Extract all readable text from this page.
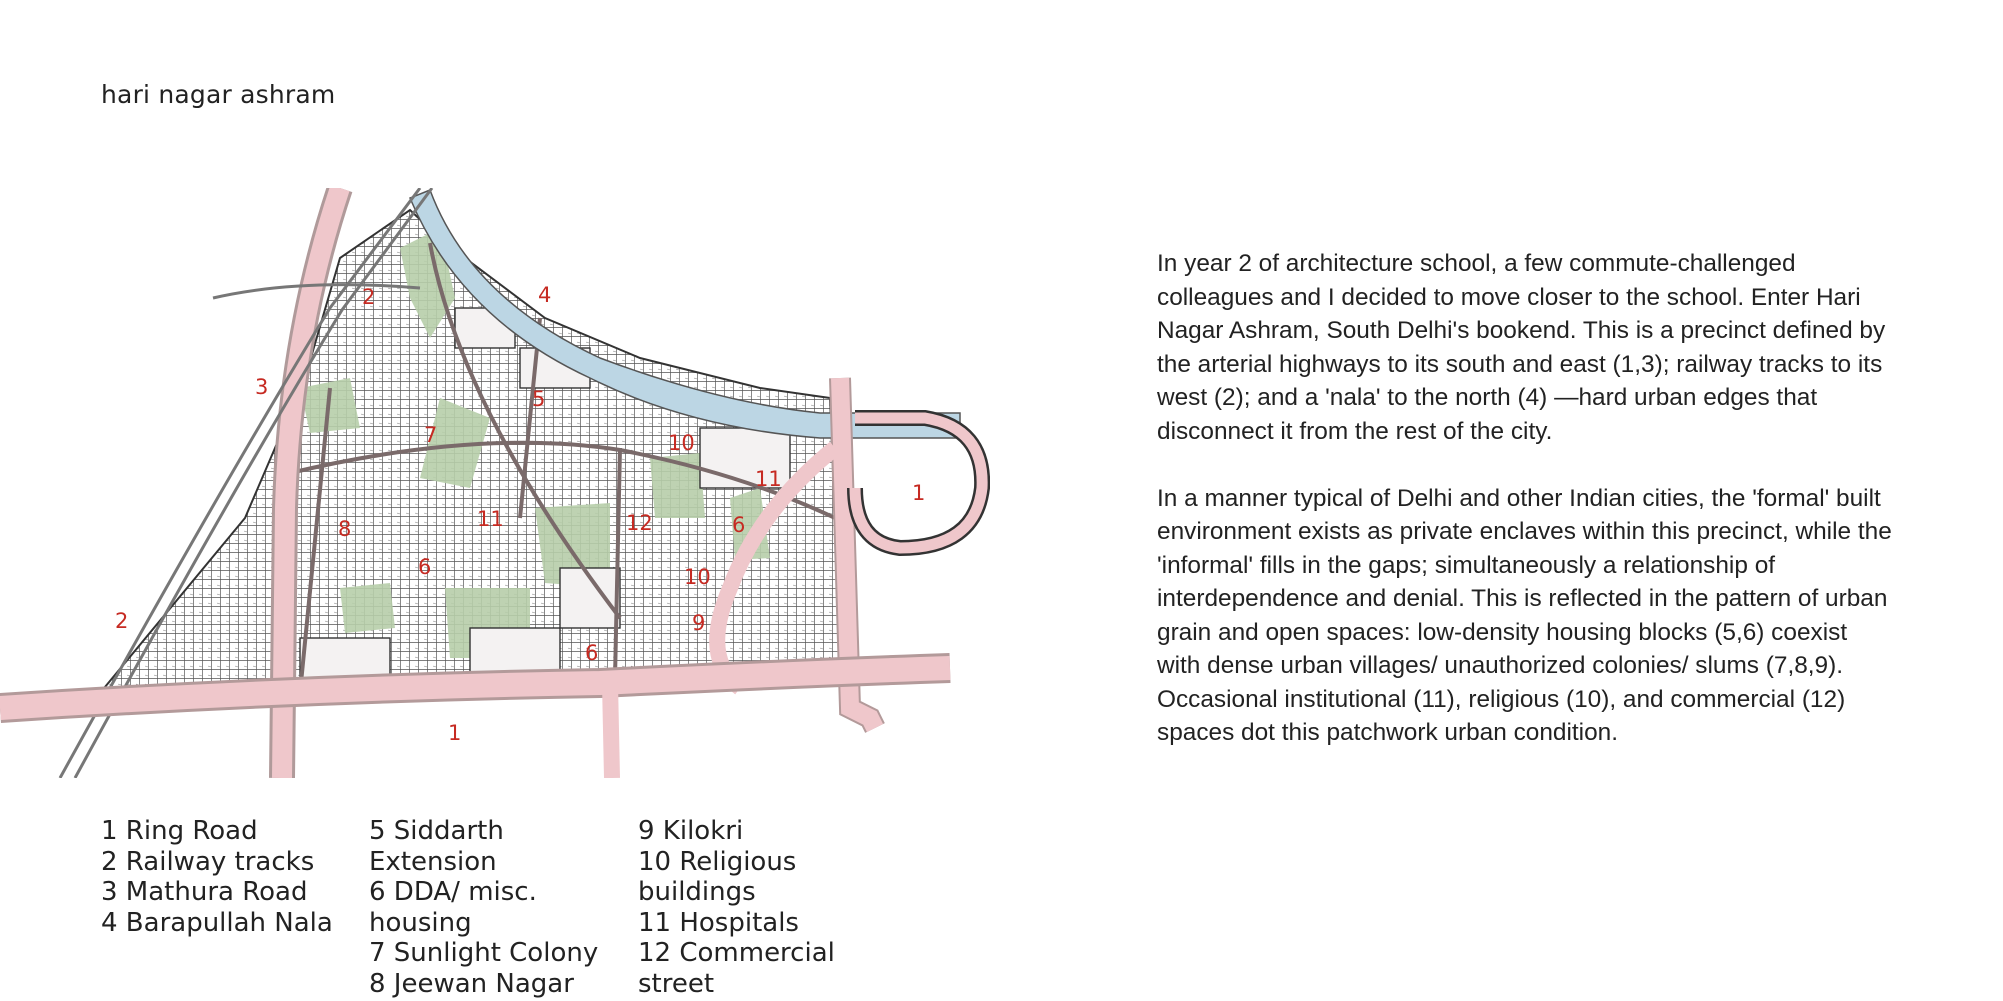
hari nagar ashram
1
1
2
2
3
4
5
6
6
6
7
8
9
10
10
11
11
12
1 Ring Road
2 Railway tracks
3 Mathura Road
4 Barapullah Nala
5 Siddarth Extension
6 DDA/ misc. housing
7 Sunlight Colony
8 Jeewan Nagar
9 Kilokri
10 Religious buildings
11 Hospitals
12 Commercial street

In year 2 of architecture school, a few commute-challenged colleagues and I decided to move closer to the school. Enter Hari Nagar Ashram, South Delhi's bookend. This is a precinct defined by the arterial highways to its south and east (1,3); railway tracks to its west (2); and a 'nala' to the north (4) —hard urban edges that disconnect it from the rest of the city.

In a manner typical of Delhi and other Indian cities, the 'formal' built environment exists as private enclaves within this precinct, while the 'informal' fills in the gaps; simultaneously a relationship of interdependence and denial. This is reflected in the pattern of urban grain and open spaces: low-density housing blocks (5,6) coexist with dense urban villages/ unauthorized colonies/ slums (7,8,9). Occasional institutional (11), religious (10), and commercial (12) spaces dot this patchwork urban condition.
